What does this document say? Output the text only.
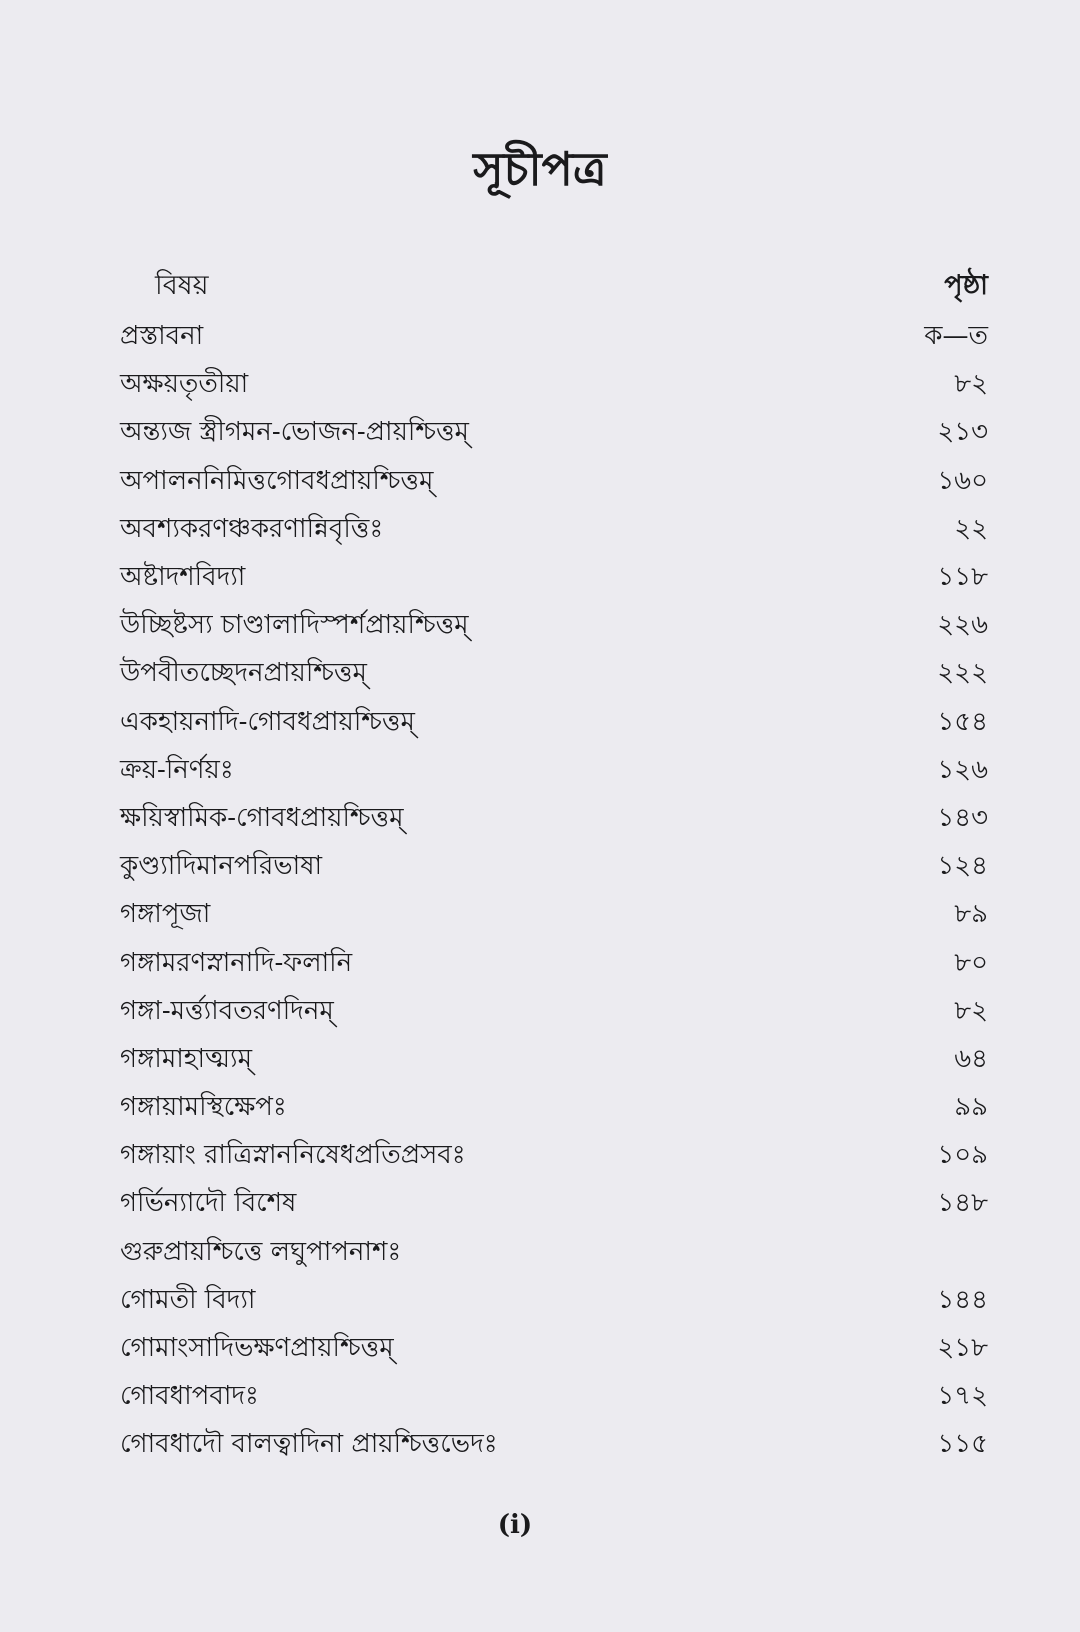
সূচীপত্র
বিষয়	পৃষ্ঠা
প্রস্তাবনা	ক—ত
অক্ষয়তৃতীয়া	৮২
অন্ত্যজ স্ত্রীগমন-ভোজন-প্রায়শ্চিত্তম্	২১৩
অপালননিমিত্তগোবধপ্রায়শ্চিত্তম্	১৬০
অবশ্যকরণঞ্চকরণান্নিবৃত্তিঃ	২২
অষ্টাদশবিদ্যা	১১৮
উচ্ছিষ্টস্য চাণ্ডালাদিস্পর্শপ্রায়শ্চিত্তম্	২২৬
উপবীতচ্ছেদনপ্রায়শ্চিত্তম্	২২২
একহায়নাদি-গোবধপ্রায়শ্চিত্তম্	১৫৪
ক্রয়-নির্ণয়ঃ	১২৬
ক্ষয়িস্বামিক-গোবধপ্রায়শ্চিত্তম্	১৪৩
কুণ্ড্যাদিমানপরিভাষা	১২৪
গঙ্গাপূজা	৮৯
গঙ্গামরণস্নানাদি-ফলানি	৮০
গঙ্গা-মর্ত্ত্যাবতরণদিনম্	৮২
গঙ্গামাহাত্ম্যম্	৬৪
গঙ্গায়ামস্থিক্ষেপঃ	৯৯
গঙ্গায়াং রাত্রিস্নাননিষেধপ্রতিপ্রসবঃ	১০৯
গর্ভিন্যাদৌ বিশেষ	১৪৮
গুরুপ্রায়শ্চিত্তে লঘুপাপনাশঃ
গোমতী বিদ্যা	১৪৪
গোমাংসাদিভক্ষণপ্রায়শ্চিত্তম্	২১৮
গোবধাপবাদঃ	১৭২
গোবধাদৌ বালত্বাদিনা প্রায়শ্চিত্তভেদঃ	১১৫
(i)
